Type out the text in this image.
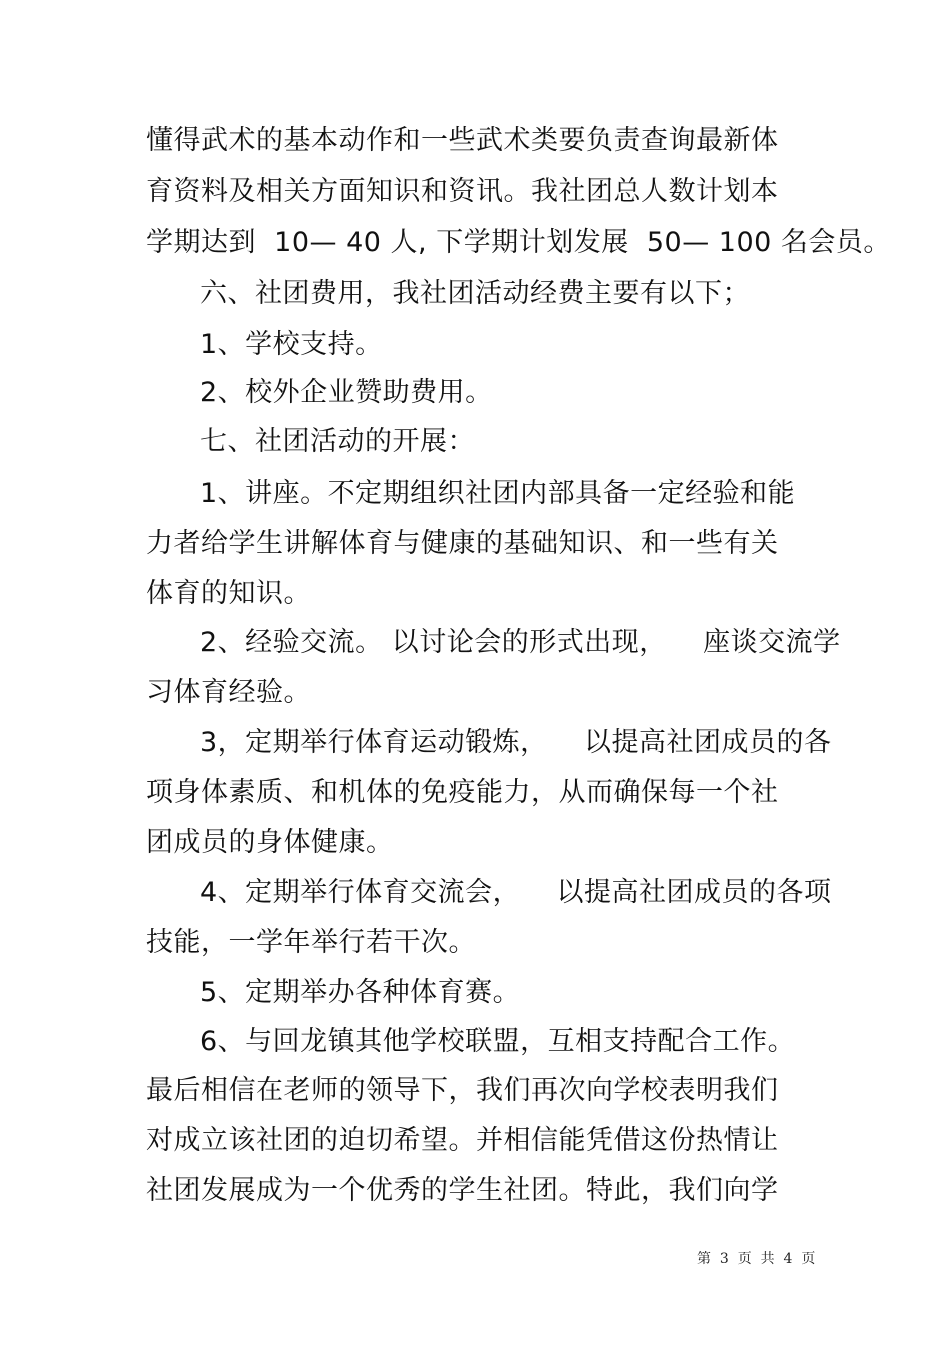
懂得武术的基本动作和一些武术类要负责查询最新体
育资料及相关方面知识和资讯。我社团总人数计划本
学期达到  10— 40 人, 下学期计划发展  50— 100 名会员。
六、社团费用，我社团活动经费主要有以下；
1、学校支持。
2、校外企业赞助费用。
七、社团活动的开展：
1、讲座。不定期组织社团内部具备一定经验和能
力者给学生讲解体育与健康的基础知识、和一些有关
体育的知识。
2、经验交流。 以讨论会的形式出现，    座谈交流学
习体育经验。
3，定期举行体育运动锻炼，    以提高社团成员的各
项身体素质、和机体的免疫能力，从而确保每一个社
团成员的身体健康。
4、定期举行体育交流会，    以提高社团成员的各项
技能，一学年举行若干次。
5、定期举办各种体育赛。
6、与回龙镇其他学校联盟，互相支持配合工作。
最后相信在老师的领导下，我们再次向学校表明我们
对成立该社团的迫切希望。并相信能凭借这份热情让
社团发展成为一个优秀的学生社团。特此，我们向学
第  3  页  共  4  页
